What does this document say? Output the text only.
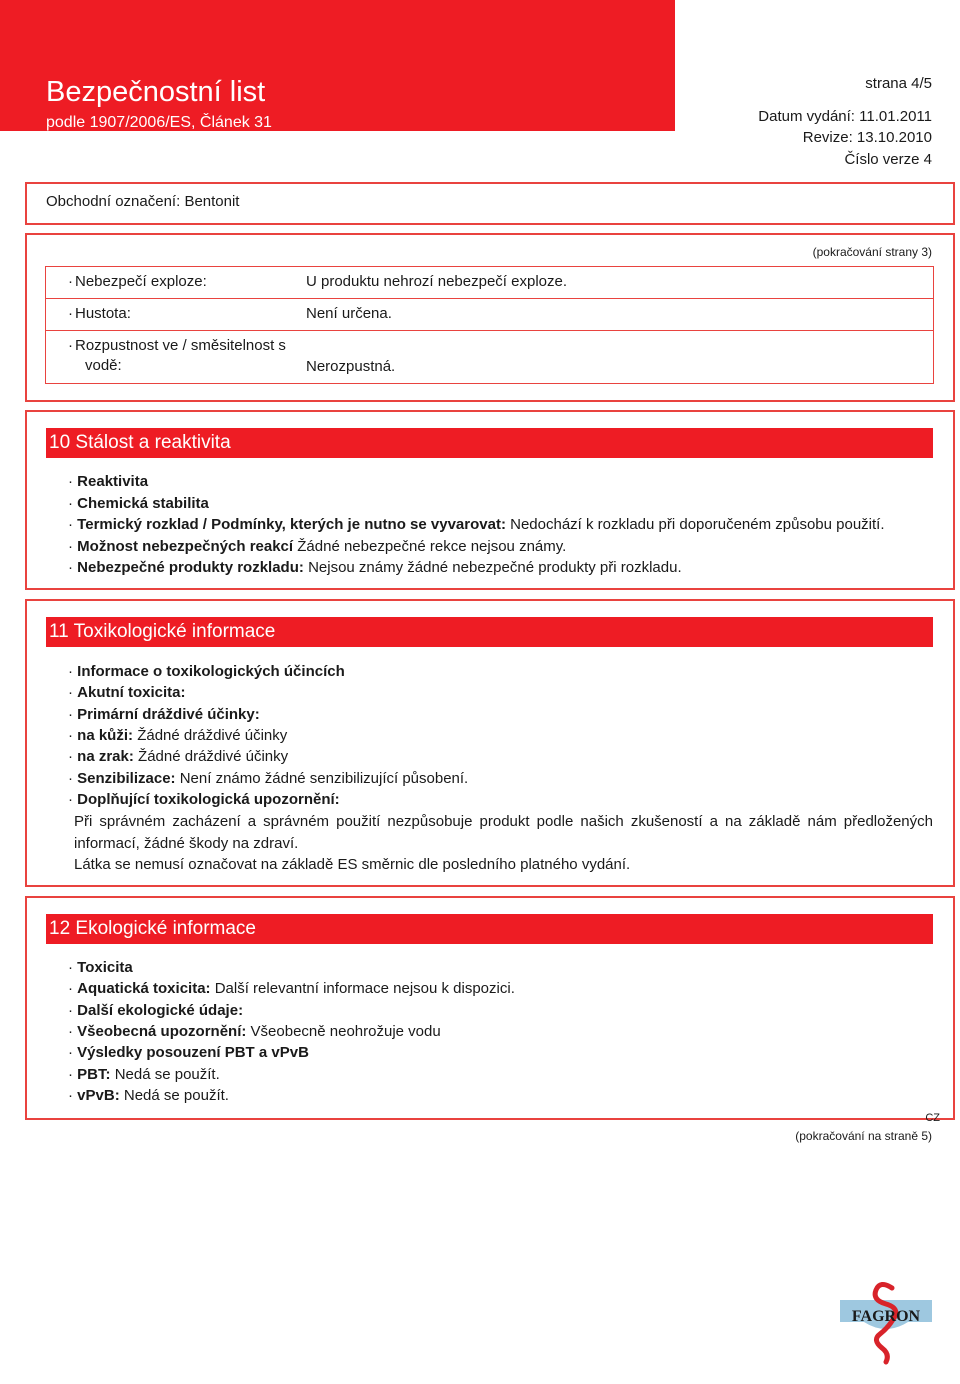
Bezpečnostní list
podle 1907/2006/ES, Článek 31
strana 4/5
Datum vydání: 11.01.2011
Revize: 13.10.2010
Číslo verze 4
Obchodní označení: Bentonit
(pokračování strany 3)
· Nebezpečí exploze:	U produktu nehrozí nebezpečí exploze.
· Hustota:	Není určena.
· Rozpustnost ve / směsitelnost s
vodě:	Nerozpustná.
10 Stálost a reaktivita
· Reaktivita
· Chemická stabilita
· Termický rozklad / Podmínky, kterých je nutno se vyvarovat: Nedochází k rozkladu při doporučeném způsobu použití.
· Možnost nebezpečných reakcí Žádné nebezpečné rekce nejsou známy.
· Nebezpečné produkty rozkladu: Nejsou známy žádné nebezpečné produkty při rozkladu.
11 Toxikologické informace
· Informace o toxikologických účincích
· Akutní toxicita:
· Primární dráždivé účinky:
· na kůži: Žádné dráždivé účinky
· na zrak: Žádné dráždivé účinky
· Senzibilizace: Není známo žádné senzibilizující působení.
· Doplňující toxikologická upozornění:
Při správném zacházení a správném použití nezpůsobuje produkt podle našich zkušeností a na základě nám předložených informací, žádné škody na zdraví.
Látka se nemusí označovat na základě ES směrnic dle posledního platného vydání.
12 Ekologické informace
· Toxicita
· Aquatická toxicita: Další relevantní informace nejsou k dispozici.
· Další ekologické údaje:
· Všeobecná upozornění: Všeobecně neohrožuje vodu
· Výsledky posouzení PBT a vPvB
· PBT: Nedá se použít.
· vPvB: Nedá se použít.
CZ
(pokračování na straně 5)
FAGRON
